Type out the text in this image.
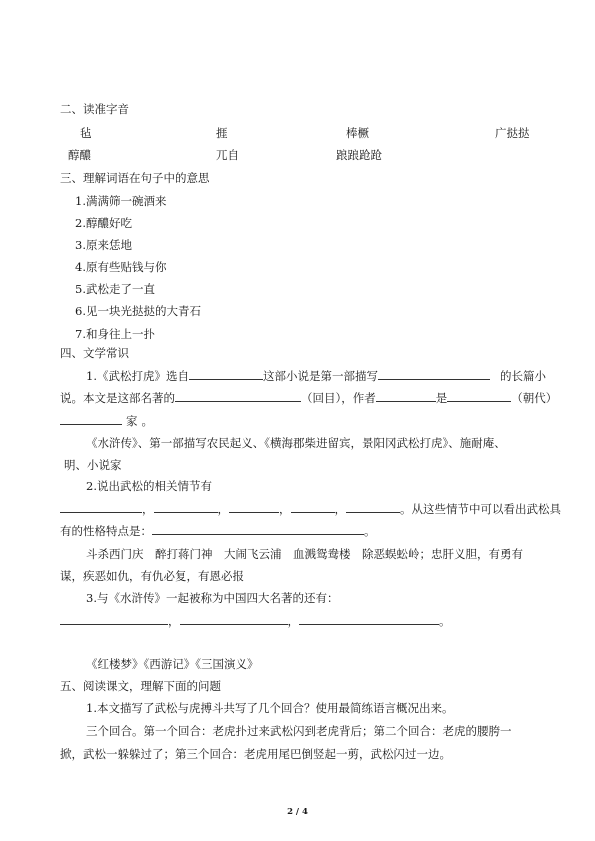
二、读准字音
毡	捱	棒橛	广挞挞
醇醲	兀自	踉踉跄跄
三、理解词语在句子中的意思
1.满满筛一碗酒来
2.醇醲好吃
3.原来恁地
4.原有些贴钱与你
5.武松走了一直
6.见一块光挞挞的大青石
7.和身往上一扑
四、文学常识
1.《武松打虎》选自	这部小说是第一部描写	的长篇小
说。本文是这部名著的	（回目），作者	是	（朝代）
家 。
《水浒传》、第一部描写农民起义、《横海郡柴进留宾，景阳冈武松打虎》、施耐庵、
明、小说家
2.说出武松的相关情节有
，	，	，	，	。从这些情节中可以看出武松具
有的性格特点是：	。
斗杀西门庆　醉打蒋门神　大闹飞云浦　血溅鸳鸯楼　除恶蜈蚣岭；忠肝义胆，有勇有
谋，疾恶如仇，有仇必复，有恩必报
3.与《水浒传》一起被称为中国四大名著的还有：
，	，	。
《红楼梦》《西游记》《三国演义》
五、阅读课文，理解下面的问题
1.本文描写了武松与虎搏斗共写了几个回合？使用最简练语言概况出来。
三个回合。第一个回合：老虎扑过来武松闪到老虎背后；第二个回合：老虎的腰胯一
掀，武松一躲躲过了；第三个回合：老虎用尾巴倒竖起一剪，武松闪过一边。
2 / 4
